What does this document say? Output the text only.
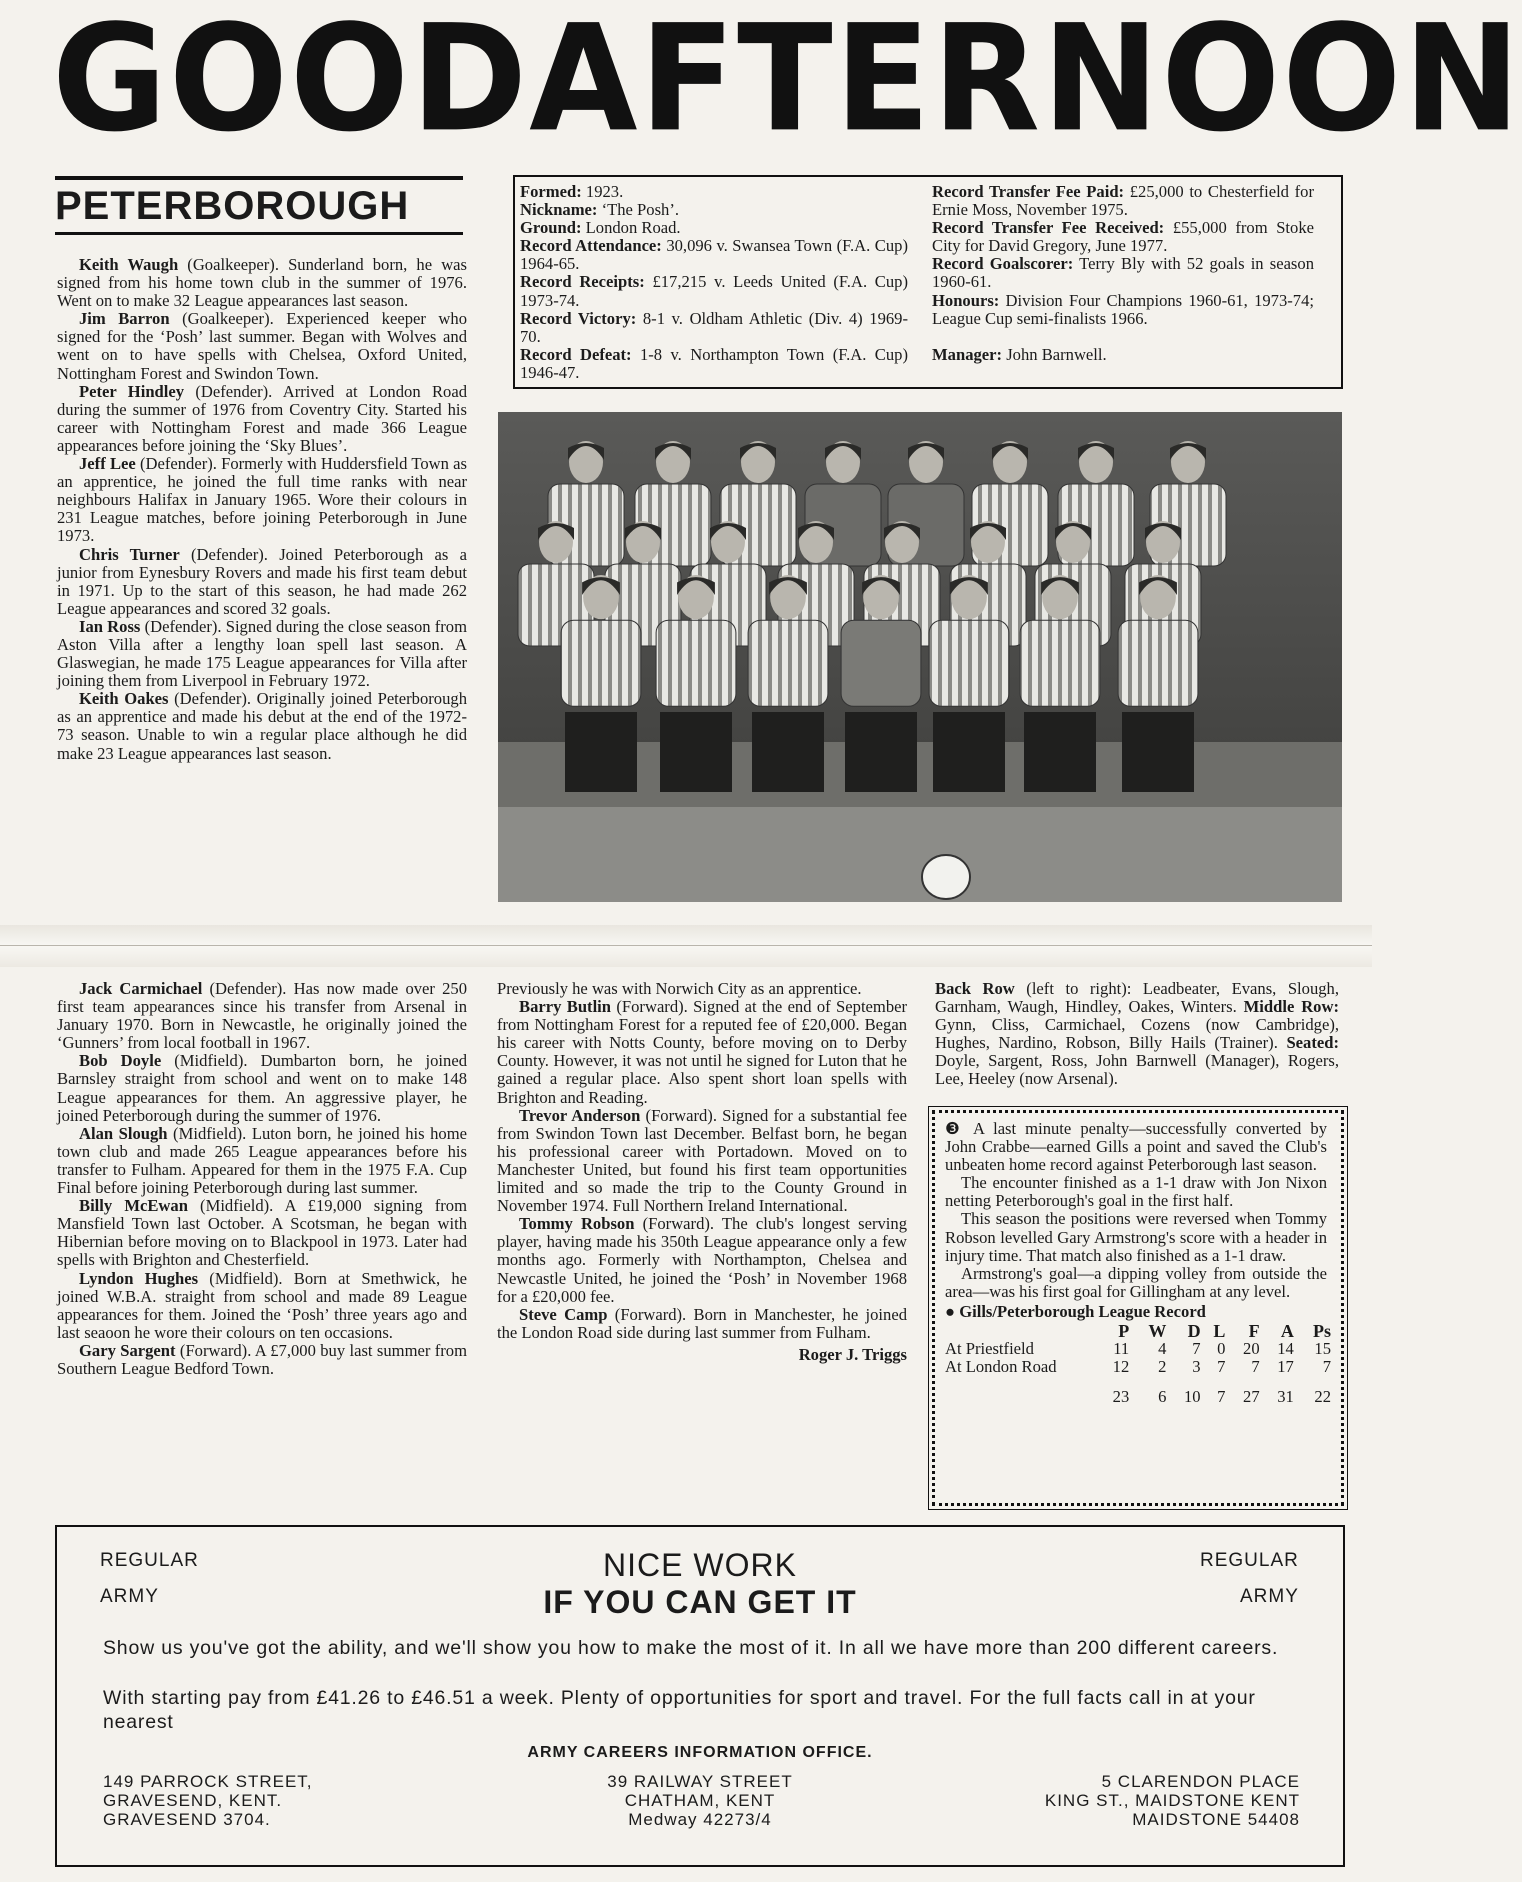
GOOD AFTERNOON
PETERBOROUGH

Keith Waugh (Goalkeeper). Sunderland born, he was signed from his home town club in the summer of 1976. Went on to make 32 League appearances last season.

Jim Barron (Goalkeeper). Experienced keeper who signed for the ‘Posh’ last summer. Began with Wolves and went on to have spells with Chelsea, Oxford United, Nottingham Forest and Swindon Town.

Peter Hindley (Defender). Arrived at London Road during the summer of 1976 from Coventry City. Started his career with Nottingham Forest and made 366 League appearances before joining the ‘Sky Blues’.

Jeff Lee (Defender). Formerly with Huddersfield Town as an apprentice, he joined the full time ranks with near neighbours Halifax in January 1965. Wore their colours in 231 League matches, before joining Peterborough in June 1973.

Chris Turner (Defender). Joined Peterborough as a junior from Eynesbury Rovers and made his first team debut in 1971. Up to the start of this season, he had made 262 League appearances and scored 32 goals.

Ian Ross (Defender). Signed during the close season from Aston Villa after a lengthy loan spell last season. A Glaswegian, he made 175 League appearances for Villa after joining them from Liverpool in February 1972.

Keith Oakes (Defender). Originally joined Peterborough as an apprentice and made his debut at the end of the 1972-73 season. Unable to win a regular place although he did make 23 League appearances last season.

Formed: 1923.

Nickname: ‘The Posh’.

Ground: London Road.

Record Attendance: 30,096 v. Swansea Town (F.A. Cup) 1964-65.

Record Receipts: £17,215 v. Leeds United (F.A. Cup) 1973-74.

Record Victory: 8-1 v. Oldham Athletic (Div. 4) 1969-70.

Record Defeat: 1-8 v. Northampton Town (F.A. Cup) 1946-47.

Record Transfer Fee Paid: £25,000 to Chesterfield for Ernie Moss, November 1975.

Record Transfer Fee Received: £55,000 from Stoke City for David Gregory, June 1977.

Record Goalscorer: Terry Bly with 52 goals in season 1960-61.

Honours: Division Four Champions 1960-61, 1973-74; League Cup semi-finalists 1966.

Manager: John Barnwell.

Jack Carmichael (Defender). Has now made over 250 first team appearances since his transfer from Arsenal in January 1970. Born in Newcastle, he originally joined the ‘Gunners’ from local football in 1967.

Bob Doyle (Midfield). Dumbarton born, he joined Barnsley straight from school and went on to make 148 League appearances for them. An aggressive player, he joined Peterborough during the summer of 1976.

Alan Slough (Midfield). Luton born, he joined his home town club and made 265 League appearances before his transfer to Fulham. Appeared for them in the 1975 F.A. Cup Final before joining Peterborough during last summer.

Billy McEwan (Midfield). A £19,000 signing from Mansfield Town last October. A Scotsman, he began with Hibernian before moving on to Blackpool in 1973. Later had spells with Brighton and Chesterfield.

Lyndon Hughes (Midfield). Born at Smethwick, he joined W.B.A. straight from school and made 89 League appearances for them. Joined the ‘Posh’ three years ago and last seaoon he wore their colours on ten occasions.

Gary Sargent (Forward). A £7,000 buy last summer from Southern League Bedford Town.

Previously he was with Norwich City as an apprentice.

Barry Butlin (Forward). Signed at the end of September from Nottingham Forest for a reputed fee of £20,000. Began his career with Notts County, before moving on to Derby County. However, it was not until he signed for Luton that he gained a regular place. Also spent short loan spells with Brighton and Reading.

Trevor Anderson (Forward). Signed for a substantial fee from Swindon Town last December. Belfast born, he began his professional career with Portadown. Moved on to Manchester United, but found his first team opportunities limited and so made the trip to the County Ground in November 1974. Full Northern Ireland International.

Tommy Robson (Forward). The club's longest serving player, having made his 350th League appearance only a few months ago. Formerly with Northampton, Chelsea and Newcastle United, he joined the ‘Posh’ in November 1968 for a £20,000 fee.

Steve Camp (Forward). Born in Manchester, he joined the London Road side during last summer from Fulham.

Roger J. Triggs

Back Row (left to right): Leadbeater, Evans, Slough, Garnham, Waugh, Hindley, Oakes, Winters. Middle Row: Gynn, Cliss, Carmichael, Cozens (now Cambridge), Hughes, Nardino, Robson, Billy Hails (Trainer). Seated: Doyle, Sargent, Ross, John Barnwell (Manager), Rogers, Lee, Heeley (now Arsenal).

❸ A last minute penalty—successfully converted by John Crabbe—earned Gills a point and saved the Club's unbeaten home record against Peterborough last season.

The encounter finished as a 1-1 draw with Jon Nixon netting Peterborough's goal in the first half.

This season the positions were reversed when Tommy Robson levelled Gary Armstrong's score with a header in injury time. That match also finished as a 1-1 draw.

Armstrong's goal—a dipping volley from outside the area—was his first goal for Gillingham at any level.

● Gills/Peterborough League Record

	P	W	D	L	F	A	Ps
At Priestfield	11	4	7	0	20	14	15
At London Road	12	2	3	7	7	17	7
	23	6	10	7	27	31	22
REGULAR
ARMY
REGULAR
ARMY
NICE WORK
IF YOU CAN GET IT
Show us you've got the ability, and we'll show you how to make the most of it. In all we have more than 200 different careers.
With starting pay from £41.26 to £46.51 a week. Plenty of opportunities for sport and travel. For the full facts call in at your nearest
ARMY CAREERS INFORMATION OFFICE.
149 PARROCK STREET,
GRAVESEND, KENT.
GRAVESEND 3704.
39 RAILWAY STREET
CHATHAM, KENT
Medway 42273/4
5 CLARENDON PLACE
KING ST., MAIDSTONE KENT
MAIDSTONE 54408
